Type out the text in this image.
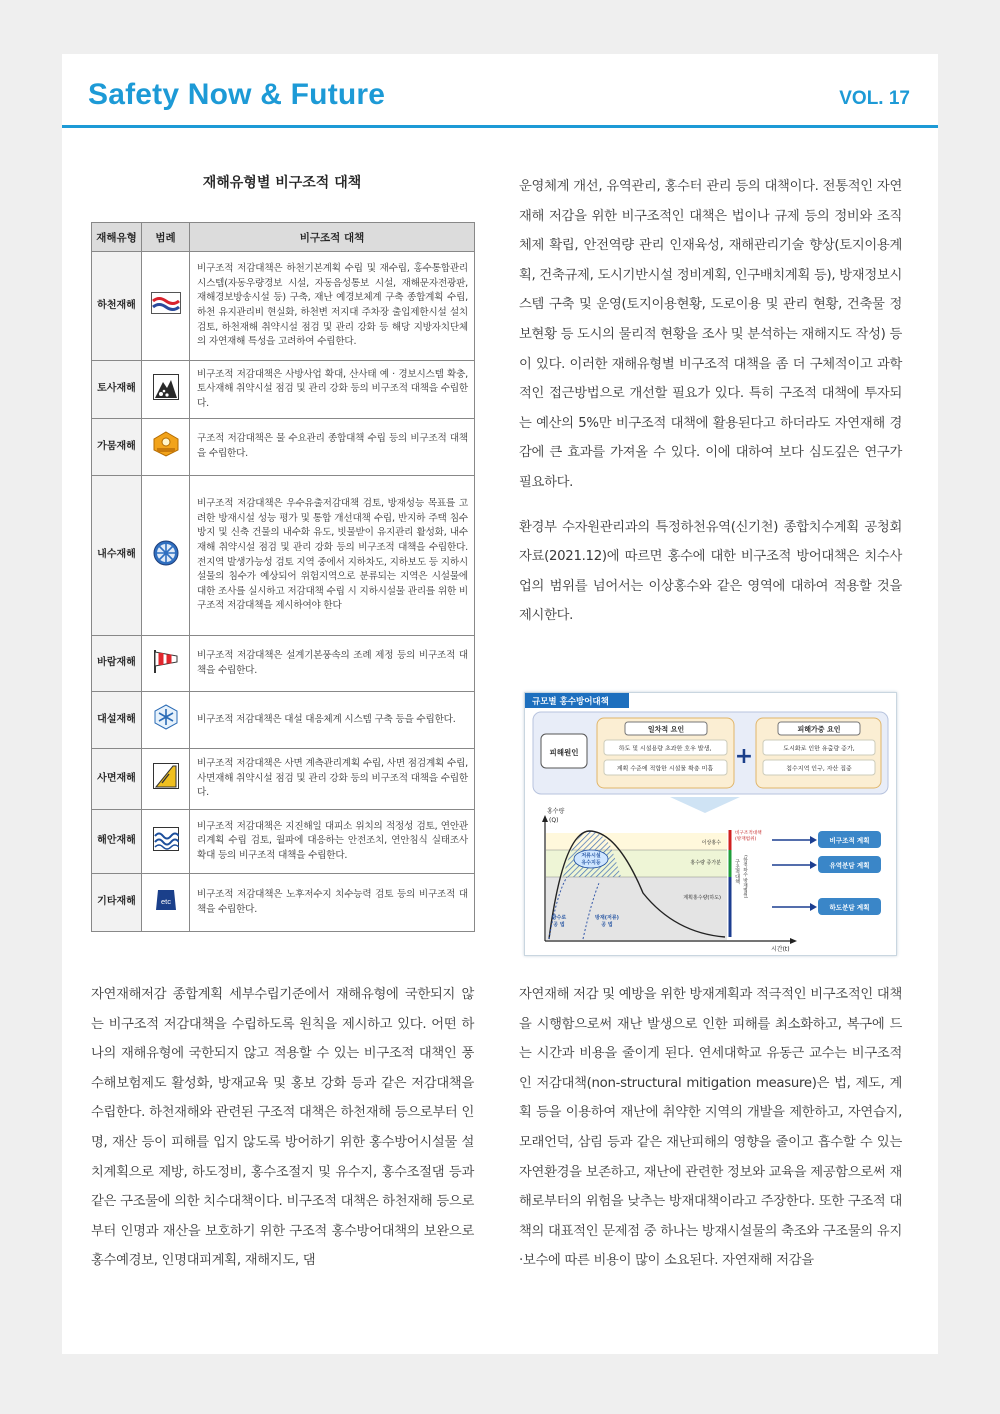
Safety Now & Future	VOL. 17
재해유형별 비구조적 대책
재해유형	범례	비구조적 대책
하천재해		비구조적 저감대책은 하천기본계획 수립 및 재수립, 홍수통합관리시스템(자동우량경보 시설, 자동음성통보 시설, 재해문자전광판, 재해경보방송시설 등) 구축, 재난 예경보체계 구축 종합계획 수립, 하천 유지관리비 현실화, 하천변 저지대 주차장 출입제한시설 설치 검토, 하천재해 취약시설 점검 및 관리 강화 등 해당 지방자치단체의 자연재해 특성을 고려하여 수립한다.
토사재해		비구조적 저감대책은 사방사업 확대, 산사태 예 · 경보시스템 확충, 토사재해 취약시설 점검 및 관리 강화 등의 비구조적 대책을 수립한다.
가뭄재해		구조적 저감대책은 물 수요관리 종합대책 수립 등의 비구조적 대책을 수립한다.
내수재해		비구조적 저감대책은 우수유출저감대책 검토, 방재성능 목표를 고려한 방재시설 성능 평가 및 통합 개선대책 수립, 반지하 주택 침수 방지 및 신축 건물의 내수화 유도, 빗물받이 유지관리 활성화, 내수재해 취약시설 점검 및 관리 강화 등의 비구조적 대책을 수립한다. 전지역 발생가능성 검토 지역 중에서 지하차도, 지하보도 등 지하시설물의 침수가 예상되어 위험지역으로 분류되는 지역은 시설물에 대한 조사를 실시하고 저감대책 수립 시 지하시설물 관리를 위한 비구조적 저감대책을 제시하여야 한다
바람재해		비구조적 저감대책은 설계기본풍속의 조례 제정 등의 비구조적 대책을 수립한다.
대설재해		비구조적 저감대책은 대설 대응체계 시스템 구축 등을 수립한다.
사면재해		비구조적 저감대책은 사면 계측관리계획 수립, 사면 점검계획 수립, 사면재해 취약시설 점검 및 관리 강화 등의 비구조적 대책을 수립한다.
해안재해		비구조적 저감대책은 지진해일 대피소 위치의 적정성 검토, 연안관리계획 수립 검토, 월파에 대응하는 안전조치, 연안침식 실태조사 확대 등의 비구조적 대책을 수립한다.
기타재해	etc	비구조적 저감대책은 노후저수지 치수능력 검토 등의 비구조적 대책을 수립한다.

운영체계 개선, 유역관리, 홍수터 관리 등의 대책이다. 전통적인 자연재해 저감을 위한 비구조적인 대책은 법이나 규제 등의 정비와 조직 체제 확립, 안전역량 관리 인재육성, 재해관리기술 향상(토지이용계획, 건축규제, 도시기반시설 정비계획, 인구배치계획 등), 방재정보시스템 구축 및 운영(토지이용현황, 도로이용 및 관리 현황, 건축물 정보현황 등 도시의 물리적 현황을 조사 및 분석하는 재해지도 작성) 등이 있다. 이러한 재해유형별 비구조적 대책을 좀 더 구체적이고 과학적인 접근방법으로 개선할 필요가 있다. 특히 구조적 대책에 투자되는 예산의 5%만 비구조적 대책에 활용된다고 하더라도 자연재해 경감에 큰 효과를 가져올 수 있다. 이에 대하여 보다 심도깊은 연구가 필요하다.

환경부 수자원관리과의 특정하천유역(신기천) 종합치수계획 공청회 자료(2021.12)에 따르면 홍수에 대한 비구조적 방어대책은 치수사업의 범위를 넘어서는 이상홍수와 같은 영역에 대하여 적용할 것을 제시한다.

규모별 홍수방어대책
피해원인
일차적 요인
하도 및 시설용량 초과한 호우 발생,
계획 수준에 적합한 시설물 확충 미흡 +
피해가중 요인
도시화로 인한 유출량 증가,
침수지역 인구, 자산 집중
홍수량
(Q)
시간(t)
저류시설
유수지등
방수로
공 법
방재(저류)
공 법
이상홍수
홍수량 증가분
계획홍수량(하도)
비구조적대책
(방재범위)
구조적대책 (하천·하수 방재범위)
비구조적 계획
유역분담 계획
하도분담 계획

자연재해저감 종합계획 세부수립기준에서 재해유형에 국한되지 않는 비구조적 저감대책을 수립하도록 원칙을 제시하고 있다. 어떤 하나의 재해유형에 국한되지 않고 적용할 수 있는 비구조적 대책인 풍수해보험제도 활성화, 방재교육 및 홍보 강화 등과 같은 저감대책을 수립한다. 하천재해와 관련된 구조적 대책은 하천재해 등으로부터 인명, 재산 등이 피해를 입지 않도록 방어하기 위한 홍수방어시설물 설치계획으로 제방, 하도정비, 홍수조절지 및 유수지, 홍수조절댐 등과 같은 구조물에 의한 치수대책이다. 비구조적 대책은 하천재해 등으로부터 인명과 재산을 보호하기 위한 구조적 홍수방어대책의 보완으로 홍수예경보, 인명대피계획, 재해지도, 댐

자연재해 저감 및 예방을 위한 방재계획과 적극적인 비구조적인 대책을 시행함으로써 재난 발생으로 인한 피해를 최소화하고, 복구에 드는 시간과 비용을 줄이게 된다. 연세대학교 유동근 교수는 비구조적인 저감대책(non-structural mitigation measure)은 법, 제도, 계획 등을 이용하여 재난에 취약한 지역의 개발을 제한하고, 자연습지, 모래언덕, 삼림 등과 같은 재난피해의 영향을 줄이고 흡수할 수 있는 자연환경을 보존하고, 재난에 관련한 정보와 교육을 제공함으로써 재해로부터의 위험을 낮추는 방재대책이라고 주장한다. 또한 구조적 대책의 대표적인 문제점 중 하나는 방재시설물의 축조와 구조물의 유지·보수에 따른 비용이 많이 소요된다. 자연재해 저감을
